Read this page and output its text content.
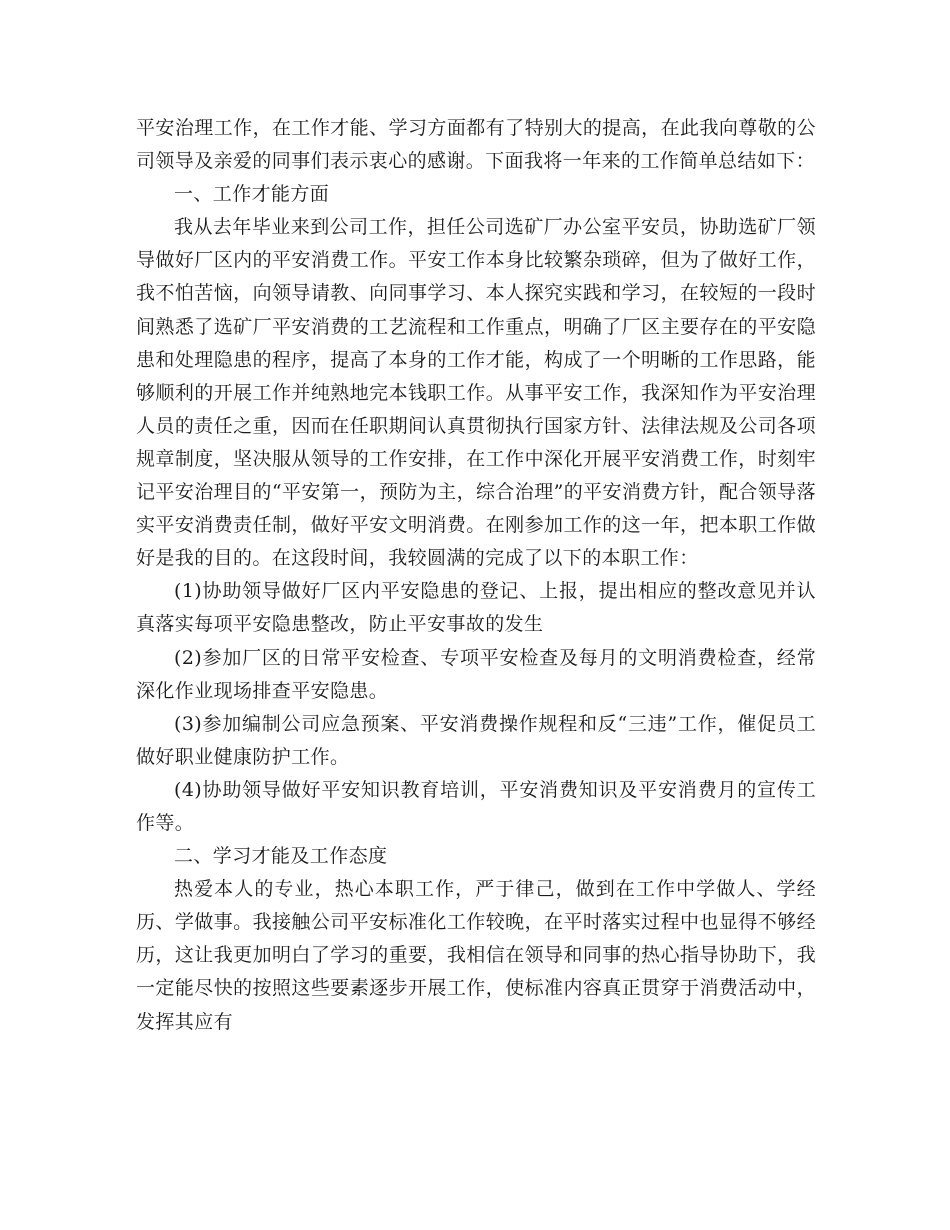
平安治理工作，在工作才能、学习方面都有了特别大的提高，在此我向尊敬的公司领导及亲爱的同事们表示衷心的感谢。下面我将一年来的工作简单总结如下：

一、工作才能方面

我从去年毕业来到公司工作，担任公司选矿厂办公室平安员，协助选矿厂领导做好厂区内的平安消费工作。平安工作本身比较繁杂琐碎，但为了做好工作，我不怕苦恼，向领导请教、向同事学习、本人探究实践和学习，在较短的一段时间熟悉了选矿厂平安消费的工艺流程和工作重点，明确了厂区主要存在的平安隐患和处理隐患的程序，提高了本身的工作才能，构成了一个明晰的工作思路，能够顺利的开展工作并纯熟地完本钱职工作。从事平安工作，我深知作为平安治理人员的责任之重，因而在任职期间认真贯彻执行国家方针、法律法规及公司各项规章制度，坚决服从领导的工作安排，在工作中深化开展平安消费工作，时刻牢记平安治理目的“平安第一，预防为主，综合治理”的平安消费方针，配合领导落实平安消费责任制，做好平安文明消费。在刚参加工作的这一年，把本职工作做好是我的目的。在这段时间，我较圆满的完成了以下的本职工作：

(1)协助领导做好厂区内平安隐患的登记、上报，提出相应的整改意见并认真落实每项平安隐患整改，防止平安事故的发生

(2)参加厂区的日常平安检查、专项平安检查及每月的文明消费检查，经常深化作业现场排查平安隐患。

(3)参加编制公司应急预案、平安消费操作规程和反“三违”工作，催促员工做好职业健康防护工作。

(4)协助领导做好平安知识教育培训，平安消费知识及平安消费月的宣传工作等。

二、学习才能及工作态度

热爱本人的专业，热心本职工作，严于律己，做到在工作中学做人、学经历、学做事。我接触公司平安标准化工作较晚，在平时落实过程中也显得不够经历，这让我更加明白了学习的重要，我相信在领导和同事的热心指导协助下，我一定能尽快的按照这些要素逐步开展工作，使标准内容真正贯穿于消费活动中，发挥其应有
